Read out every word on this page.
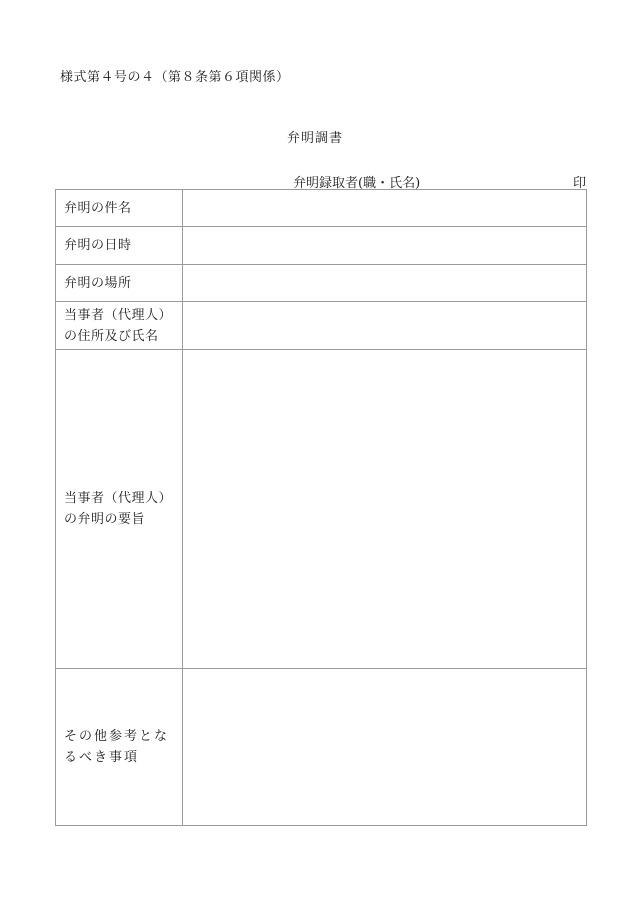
様式第４号の４（第８条第６項関係）
弁明調書
弁明録取者(職・氏名)	印
弁明の件名	

弁明の日時	

弁明の場所	

当事者（代理人）
の住所及び氏名	

当事者（代理人）
の弁明の要旨	

その他参考とな
るべき事項	
